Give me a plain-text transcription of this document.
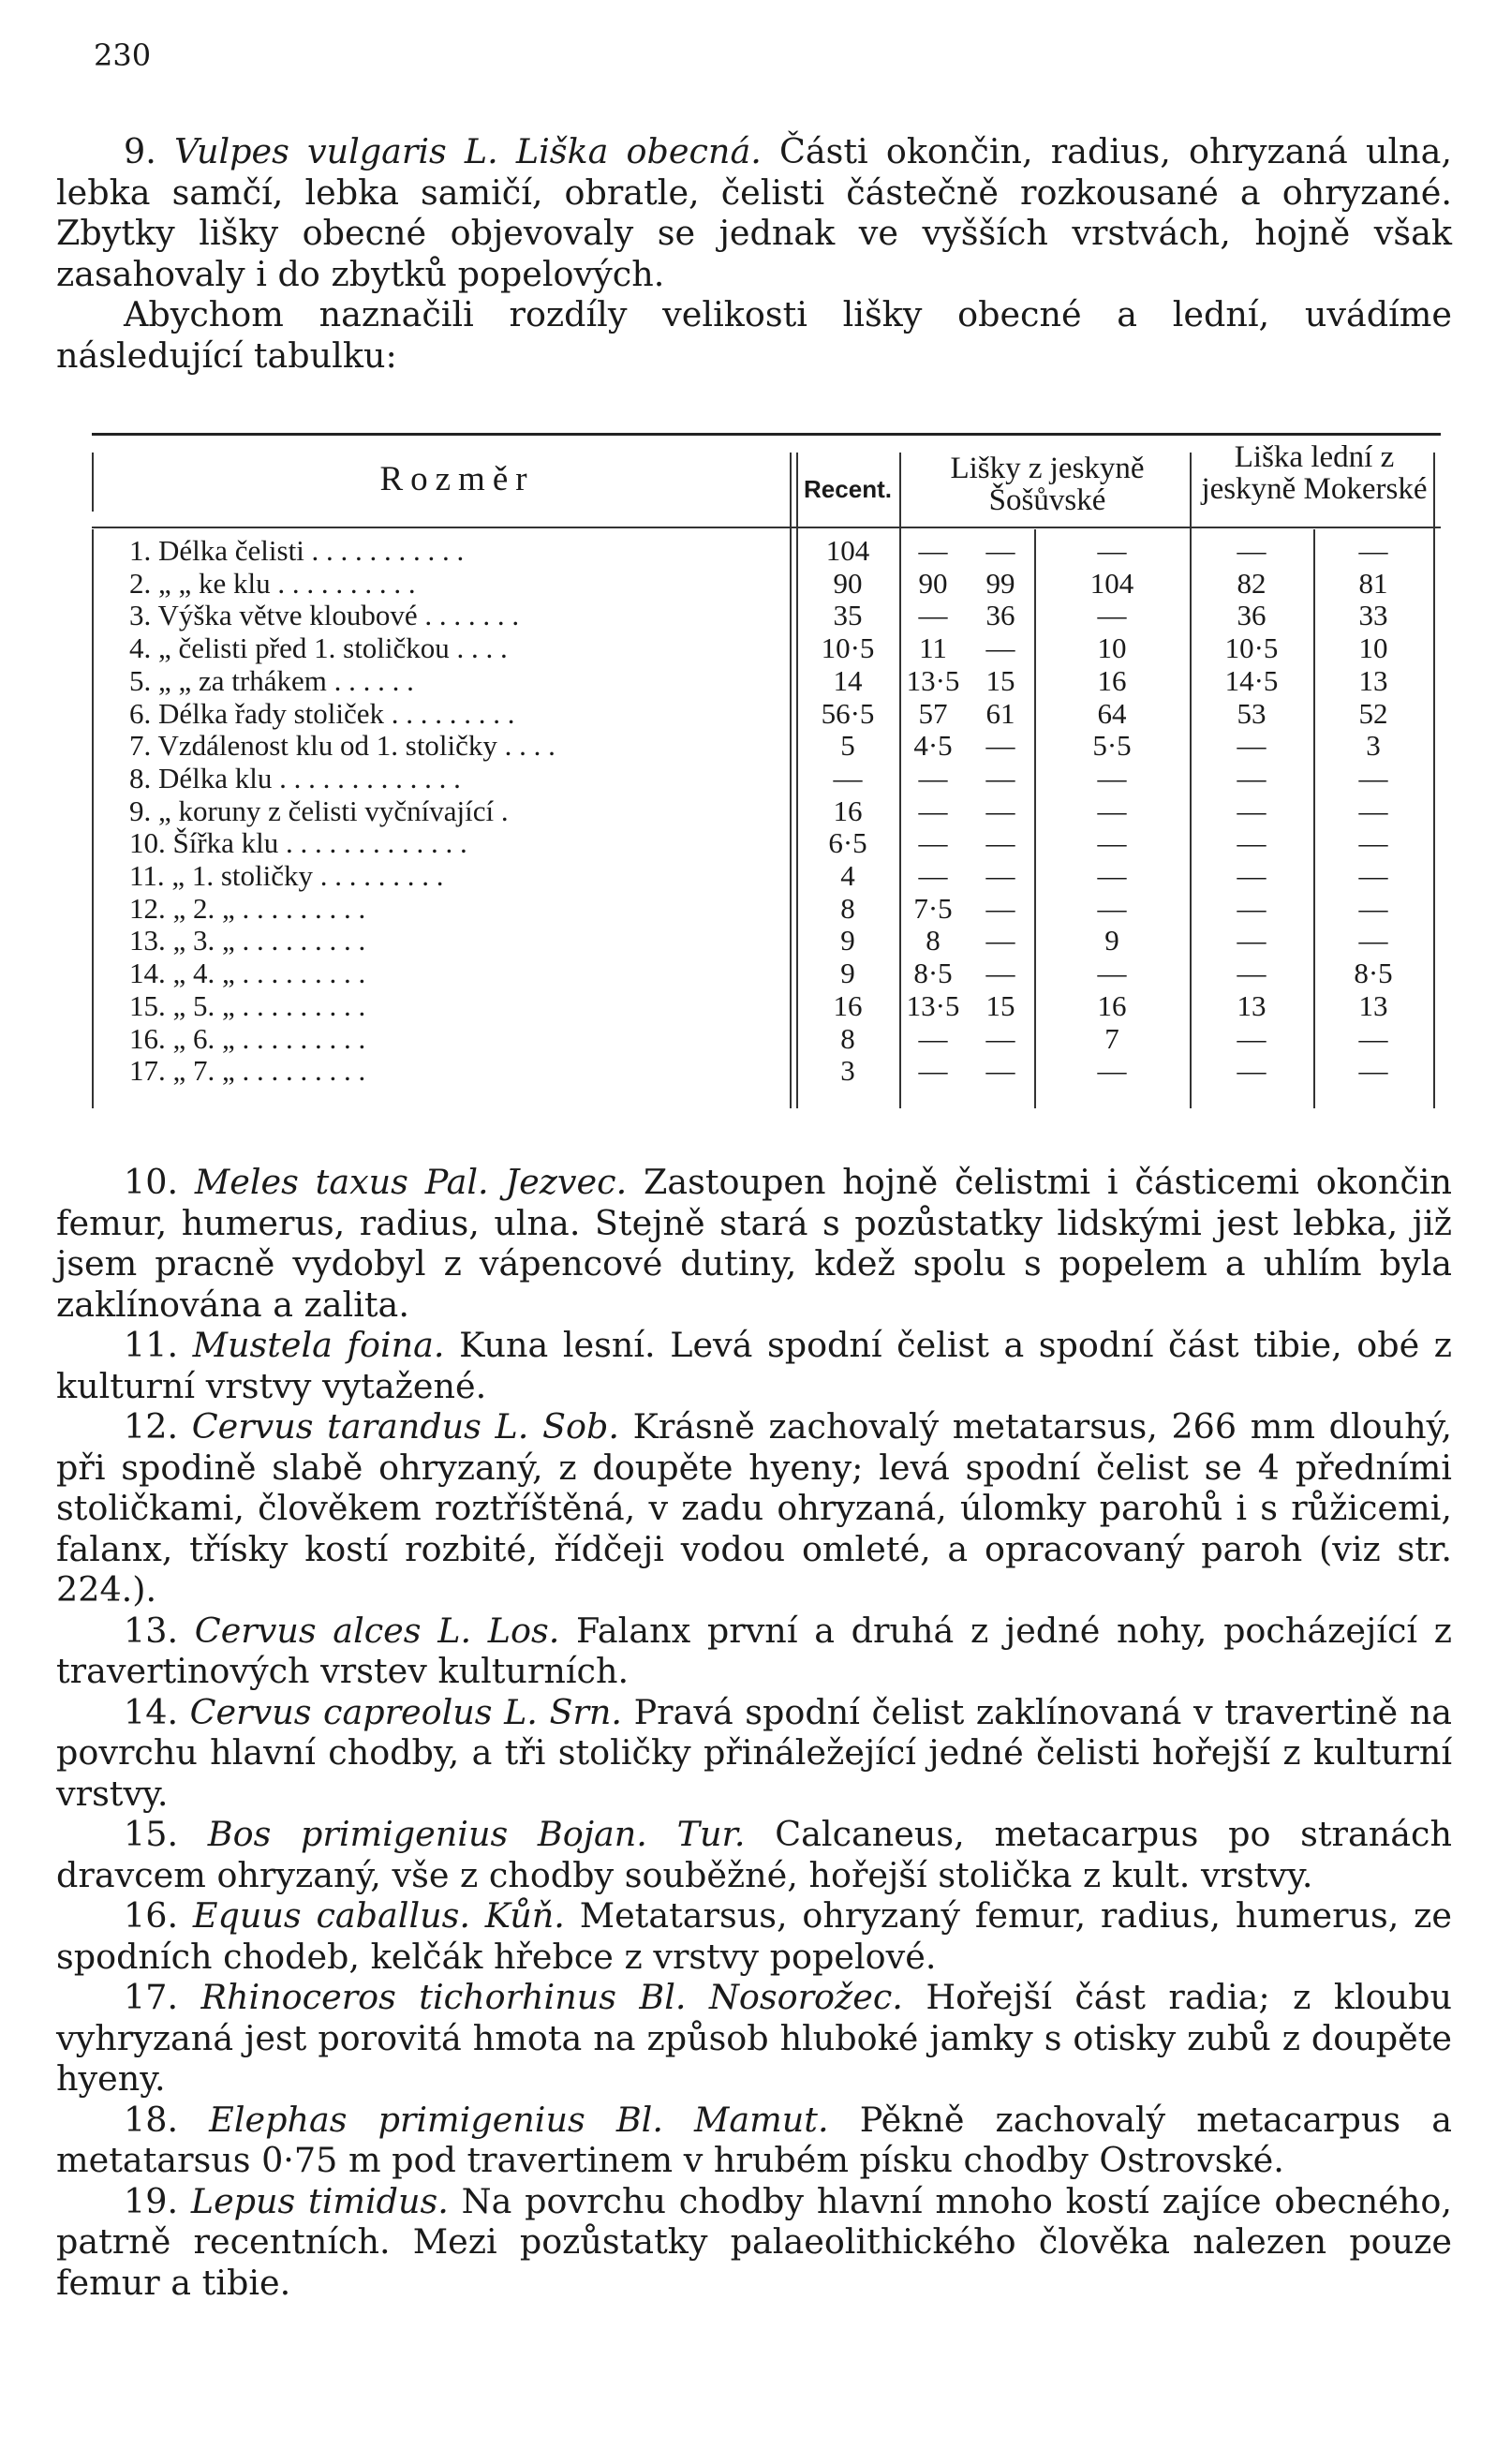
230

9. Vulpes vulgaris L. Liška obecná. Části okončin, radius, ohryzaná ulna, lebka samčí, lebka samičí, obratle, čelisti částečně rozkousané a ohryzané. Zbytky lišky obecné objevovaly se jednak ve vyšších vrstvách, hojně však zasahovaly i do zbytků popelových.

Abychom naznačili rozdíly velikosti lišky obecné a lední, uvádíme následující tabulku:

Rozměr	Recent.
Lišky z jeskyně Šošůvské
Liška lední z jeskyně Mokerské
1. Délka čelisti . . . . . . . . . . .	104	—	—	—	—	—
2. „ „ ke klu . . . . . . . . . .	90	90	99	104	82	81
3. Výška větve kloubové . . . . . . .	35	—	36	—	36	33
4. „ čelisti před 1. stoličkou . . . .	10·5	11	—	10	10·5	10
5. „ „ za trhákem . . . . . .	14	13·5 15	16	14·5	13
6. Délka řady stoliček . . . . . . . . .	56·5	57	61	64	53	52
7. Vzdálenost klu od 1. stoličky . . . .	5	4·5	—	5·5	—	3
8. Délka klu . . . . . . . . . . . . .	—	—	—	—	—	—
9. „ koruny z čelisti vyčnívající .	16	—	—	—	—	—
10. Šířka klu . . . . . . . . . . . . .	6·5	—	—	—	—	—
11. „ 1. stoličky . . . . . . . . .	4	—	—	—	—	—
12. „ 2. „ . . . . . . . . .	8	7·5	—	—	—	—
13. „ 3. „ . . . . . . . . .	9	8	—	9	—	—
14. „ 4. „ . . . . . . . . .	9	8·5	—	—	—	8·5
15. „ 5. „ . . . . . . . . .	16	13·5 15	16	13	13
16. „ 6. „ . . . . . . . . .	8	—	—	7	—	—
17. „ 7. „ . . . . . . . . .	3	—	—	—	—	—

10. Meles taxus Pal. Jezvec. Zastoupen hojně čelistmi i částicemi okončin femur, humerus, radius, ulna. Stejně stará s pozůstatky lidskými jest lebka, již jsem pracně vydobyl z vápencové dutiny, kdež spolu s popelem a uhlím byla zaklínována a zalita.

11. Mustela foina. Kuna lesní. Levá spodní čelist a spodní část tibie, obé z kulturní vrstvy vytažené.

12. Cervus tarandus L. Sob. Krásně zachovalý metatarsus, 266 mm dlouhý, při spodině slabě ohryzaný, z doupěte hyeny; levá spodní čelist se 4 předními stoličkami, člověkem roztříštěná, v zadu ohryzaná, úlomky parohů i s růžicemi, falanx, třísky kostí rozbité, řídčeji vodou omleté, a opracovaný paroh (viz str. 224.).

13. Cervus alces L. Los. Falanx první a druhá z jedné nohy, pocházející z travertinových vrstev kulturních.

14. Cervus capreolus L. Srn. Pravá spodní čelist zaklínovaná v travertině na povrchu hlavní chodby, a tři stoličky přináležející jedné čelisti hořejší z kulturní vrstvy.

15. Bos primigenius Bojan. Tur. Calcaneus, metacarpus po stranách dravcem ohryzaný, vše z chodby souběžné, hořejší stolička z kult. vrstvy.

16. Equus caballus. Kůň. Metatarsus, ohryzaný femur, radius, humerus, ze spodních chodeb, kelčák hřebce z vrstvy popelové.

17. Rhinoceros tichorhinus Bl. Nosorožec. Hořejší část radia; z kloubu vyhryzaná jest porovitá hmota na způsob hluboké jamky s otisky zubů z doupěte hyeny.

18. Elephas primigenius Bl. Mamut. Pěkně zachovalý metacarpus a metatarsus 0·75 m pod travertinem v hrubém písku chodby Ostrovské.

19. Lepus timidus. Na povrchu chodby hlavní mnoho kostí zajíce obecného, patrně recentních. Mezi pozůstatky palaeolithického člověka nalezen pouze femur a tibie.
